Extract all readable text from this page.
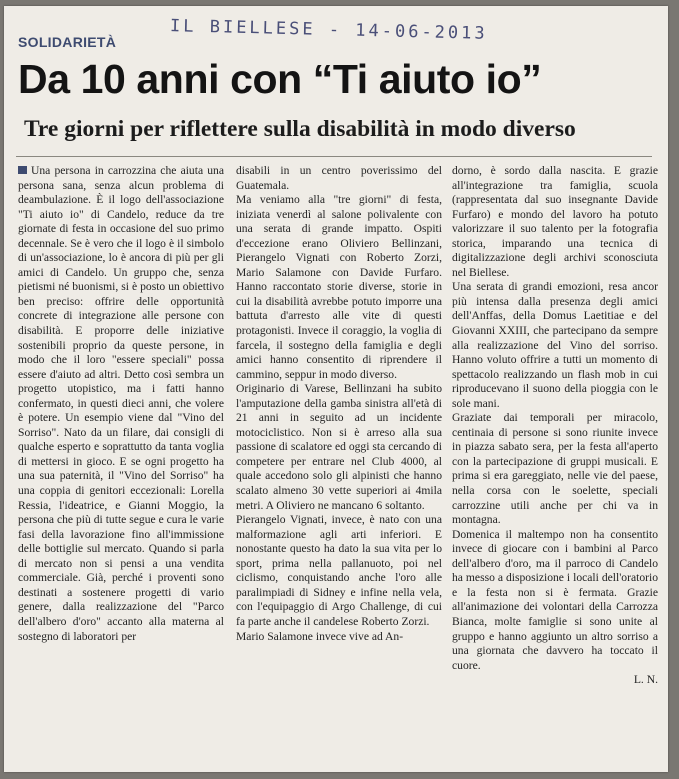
SOLIDARIETÀ	IL BIELLESE - 14-06-2013
Da 10 anni con “Ti aiuto io”
Tre giorni per riflettere sulla disabilità in modo diverso

Una persona in carrozzina che aiuta una persona sana, senza alcun problema di deambulazione. È il logo dell'associazione "Ti aiuto io" di Candelo, reduce da tre giornate di festa in occasione del suo primo decennale. Se è vero che il logo è il simbolo di un'associazione, lo è ancora di più per gli amici di Candelo. Un gruppo che, senza pietismi né buonismi, si è posto un obiettivo ben preciso: offrire delle opportunità concrete di integrazione alle persone con disabilità. E proporre delle iniziative sostenibili proprio da queste persone, in modo che il loro "essere speciali" possa essere d'aiuto ad altri. Detto così sembra un progetto utopistico, ma i fatti hanno confermato, in questi dieci anni, che volere è potere. Un esempio viene dal "Vino del Sorriso". Nato da un filare, dai consigli di qualche esperto e soprattutto da tanta voglia di mettersi in gioco. E se ogni progetto ha una sua paternità, il "Vino del Sorriso" ha una coppia di genitori eccezionali: Lorella Ressia, l'ideatrice, e Gianni Moggio, la persona che più di tutte segue e cura le varie fasi della lavorazione fino all'immissione delle bottiglie sul mercato. Quando si parla di mercato non si pensi a una vendita commerciale. Già, perché i proventi sono destinati a sostenere progetti di vario genere, dalla realizzazione del "Parco dell'albero d'oro" accanto alla materna al sostegno di laboratori per

disabili in un centro poverissimo del Guatemala.

Ma veniamo alla "tre giorni" di festa, iniziata venerdì al salone polivalente con una serata di grande impatto. Ospiti d'eccezione erano Oliviero Bellinzani, Pierangelo Vignati con Roberto Zorzi, Mario Salamone con Davide Furfaro. Hanno raccontato storie diverse, storie in cui la disabilità avrebbe potuto imporre una battuta d'arresto alle vite di questi protagonisti. Invece il coraggio, la voglia di farcela, il sostegno della famiglia e degli amici hanno consentito di riprendere il cammino, seppur in modo diverso.

Originario di Varese, Bellinzani ha subito l'amputazione della gamba sinistra all'età di 21 anni in seguito ad un incidente motociclistico. Non si è arreso alla sua passione di scalatore ed oggi sta cercando di competere per entrare nel Club 4000, al quale accedono solo gli alpinisti che hanno scalato almeno 30 vette superiori ai 4mila metri. A Oliviero ne mancano 6 soltanto.

Pierangelo Vignati, invece, è nato con una malformazione agli arti inferiori. E nonostante questo ha dato la sua vita per lo sport, prima nella pallanuoto, poi nel ciclismo, conquistando anche l'oro alle paralimpiadi di Sidney e infine nella vela, con l'equipaggio di Argo Challenge, di cui fa parte anche il candelese Roberto Zorzi.

Mario Salamone invece vive ad An-

dorno, è sordo dalla nascita. E grazie all'integrazione tra famiglia, scuola (rappresentata dal suo insegnante Davide Furfaro) e mondo del lavoro ha potuto valorizzare il suo talento per la fotografia storica, imparando una tecnica di digitalizzazione degli archivi sconosciuta nel Biellese.

Una serata di grandi emozioni, resa ancor più intensa dalla presenza degli amici dell'Anffas, della Domus Laetitiae e del Giovanni XXIII, che partecipano da sempre alla realizzazione del Vino del sorriso. Hanno voluto offrire a tutti un momento di spettacolo realizzando un flash mob in cui riproducevano il suono della pioggia con le sole mani.

Graziate dai temporali per miracolo, centinaia di persone si sono riunite invece in piazza sabato sera, per la festa all'aperto con la partecipazione di gruppi musicali. E prima si era gareggiato, nelle vie del paese, nella corsa con le soelette, speciali carrozzine utili anche per chi va in montagna.

Domenica il maltempo non ha consentito invece di giocare con i bambini al Parco dell'albero d'oro, ma il parroco di Candelo ha messo a disposizione i locali dell'oratorio e la festa non si è fermata. Grazie all'animazione dei volontari della Carrozza Bianca, molte famiglie si sono unite al gruppo e hanno aggiunto un altro sorriso a una giornata che davvero ha toccato il cuore.

L. N.
